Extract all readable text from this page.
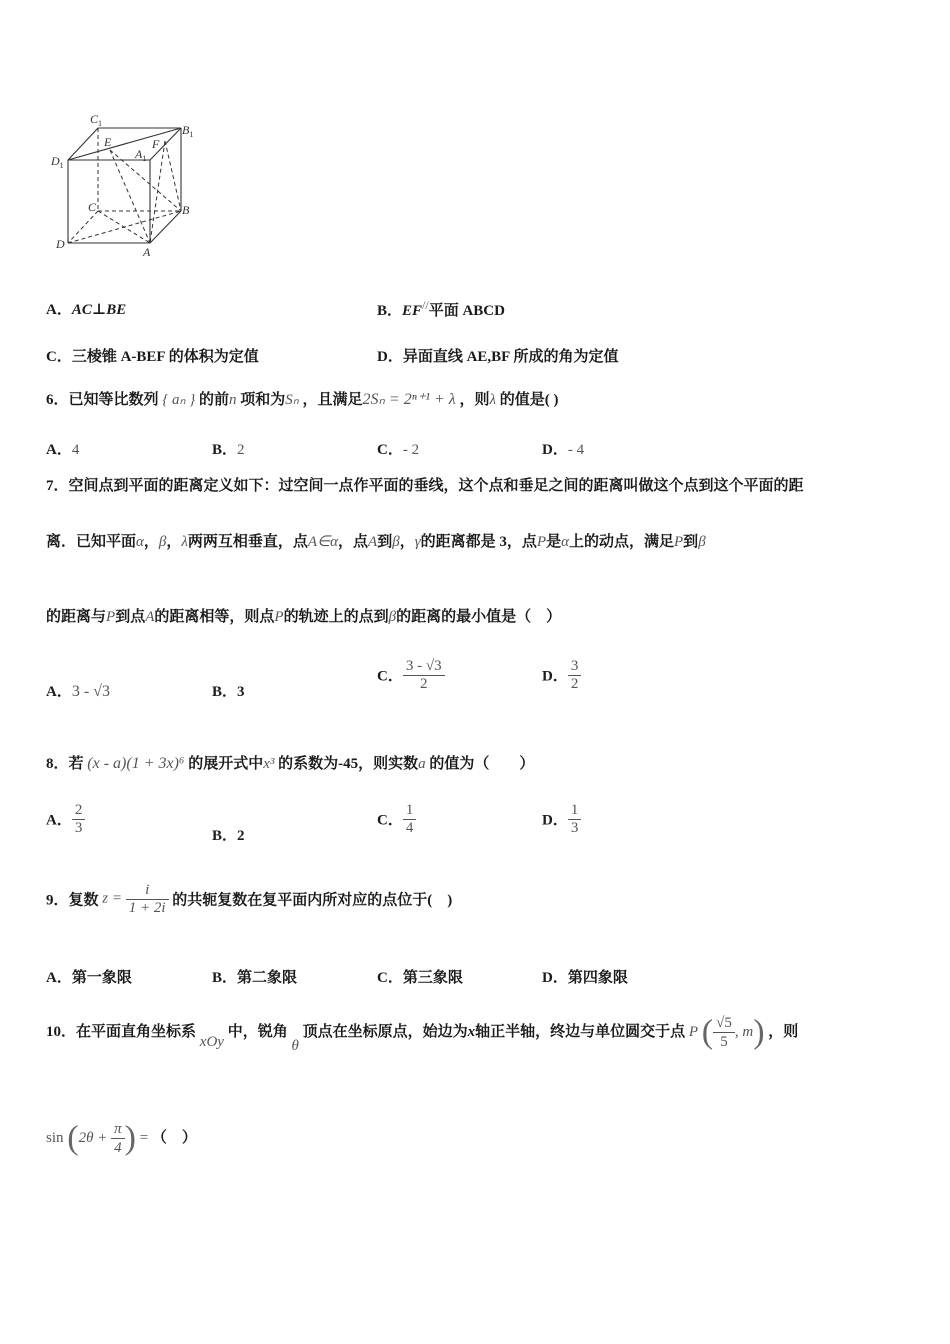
$C_1$	$B_1$
$D_1$
$A_1$
E	F
C	B
D
A
A．AC⊥BE	B．EF//平面 ABCD
C．三棱锥 A-BEF 的体积为定值	D．异面直线 AE,BF 所成的角为定值
6．已知等比数列 { aₙ } 的前n 项和为Sₙ ，且满足2Sₙ = 2ⁿ⁺¹ + λ ，则λ 的值是( )
A．4	B．2	C．- 2	D．- 4
7．空间点到平面的距离定义如下：过空间一点作平面的垂线，这个点和垂足之间的距离叫做这个点到这个平面的距
离．已知平面α，β，λ两两互相垂直，点A∈α，点A到β，γ的距离都是 3，点P是α上的动点，满足P到β
的距离与P到点A的距离相等，则点P的轨迹上的点到β的距离的最小值是（　）
A．3 - √3	B．3
C． $\frac{3 - √3}{2}$	D． $\frac{3}{2}$
8．若 (x - a)(1 + 3x)⁶ 的展开式中x³ 的系数为-45，则实数a 的值为（　　）
A． $\frac{2}{3}$	B．2
C． $\frac{1}{4}$	D． $\frac{1}{3}$
9．复数 $z = \frac{i}{1 + 2i}$ 的共轭复数在复平面内所对应的点位于(　)
A．第一象限	B．第二象限	C．第三象限	D．第四象限
10．在平面直角坐标系 xOy 中，锐角 θ 顶点在坐标原点，始边为x轴正半轴，终边与单位圆交于点 P ( $\frac{√5}{5}$ , m) ，则
$\sin (2\theta + \frac{\pi}{4}$ ) = （　）
